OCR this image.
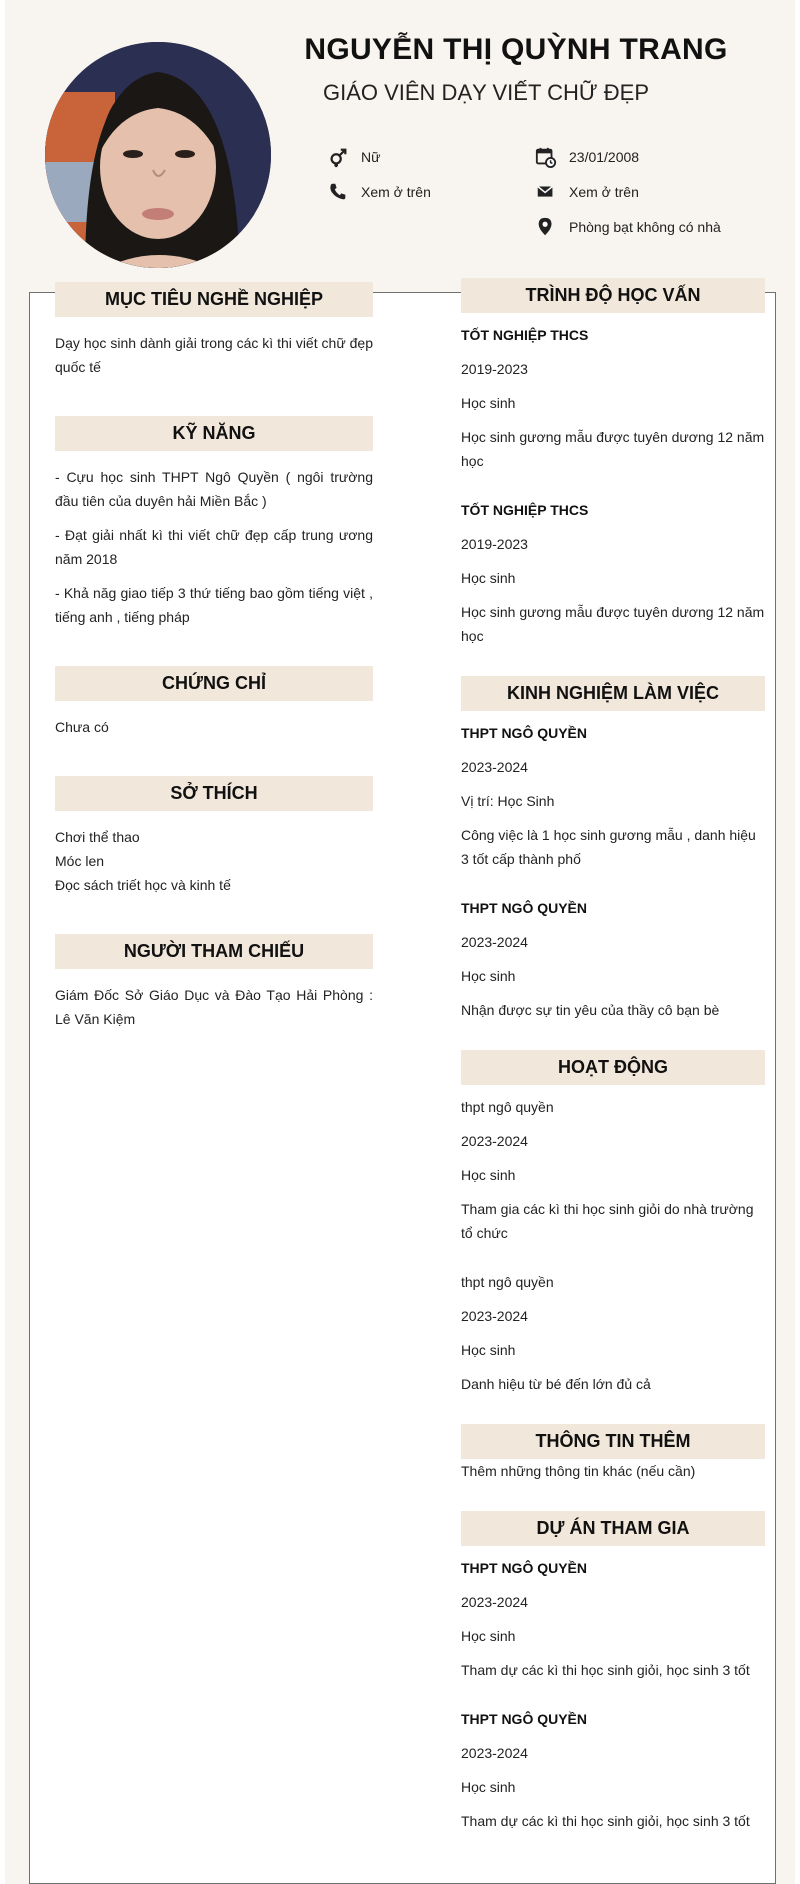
NGUYỄN THỊ QUỲNH TRANG
GIÁO VIÊN DẠY VIẾT CHỮ ĐẸP
Nữ	23/01/2008
Xem ở trên	Xem ở trên
Phòng bạt không có nhà
MỤC TIÊU NGHỀ NGHIỆP

Dạy học sinh dành giải trong các kì thi viết chữ đẹp quốc tế

KỸ NĂNG

- Cựu học sinh THPT Ngô Quyền ( ngôi trường đầu tiên của duyên hải Miền Bắc )

- Đạt giải nhất kì thi viết chữ đẹp cấp trung ương năm 2018

- Khả năg giao tiếp 3 thứ tiếng bao gồm tiếng việt , tiếng anh , tiếng pháp

CHỨNG CHỈ

Chưa có

SỞ THÍCH

Chơi thể thao

Móc len

Đọc sách triết học và kinh tế

NGƯỜI THAM CHIẾU

Giám Đốc Sở Giáo Dục và Đào Tạo Hải Phòng : Lê Văn Kiệm

TRÌNH ĐỘ HỌC VẤN
TỐT NGHIỆP THCS
2019-2023
Học sinh
Học sinh gương mẫu được tuyên dương 12 năm học
TỐT NGHIỆP THCS
2019-2023
Học sinh
Học sinh gương mẫu được tuyên dương 12 năm học
KINH NGHIỆM LÀM VIỆC
THPT NGÔ QUYỀN
2023-2024
Vị trí: Học Sinh
Công việc là 1 học sinh gương mẫu , danh hiệu 3 tốt cấp thành phố
THPT NGÔ QUYỀN
2023-2024
Học sinh
Nhận được sự tin yêu của thầy cô bạn bè
HOẠT ĐỘNG
thpt ngô quyền
2023-2024
Học sinh
Tham gia các kì thi học sinh giỏi do nhà trường tổ chức
thpt ngô quyền
2023-2024
Học sinh
Danh hiệu từ bé đến lớn đủ cả
THÔNG TIN THÊM
Thêm những thông tin khác (nếu cần)
DỰ ÁN THAM GIA
THPT NGÔ QUYỀN
2023-2024
Học sinh
Tham dự các kì thi học sinh giỏi, học sinh 3 tốt
THPT NGÔ QUYỀN
2023-2024
Học sinh
Tham dự các kì thi học sinh giỏi, học sinh 3 tốt
